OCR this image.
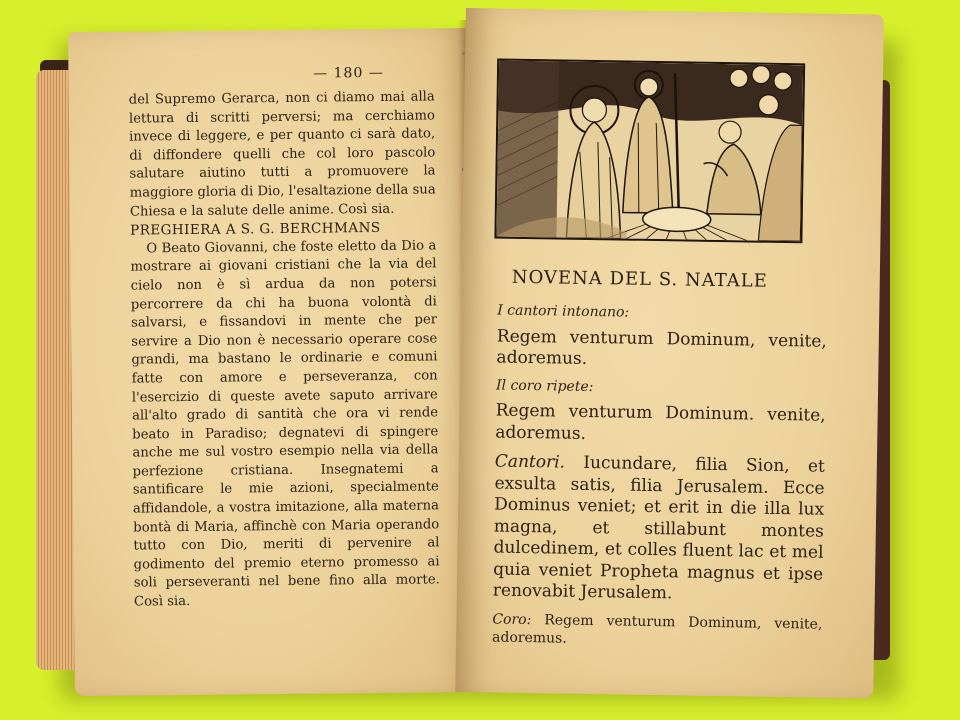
— 180 —

del Supremo Gerarca, non ci diamo mai alla lettura di scritti perversi; ma cerchiamo invece di leggere, e per quanto ci sarà dato, di diffondere quelli che col loro pascolo salutare aiutino tutti a promuovere la maggiore gloria di Dio, l'esaltazione della sua Chiesa e la salute delle anime. Così sia.

PREGHIERA A S. G. BERCHMANS

O Beato Giovanni, che foste eletto da Dio a mostrare ai giovani cristiani che la via del cielo non è sì ardua da non potersi percorrere da chi ha buona volontà di salvarsi, e fissandovi in mente che per servire a Dio non è necessario operare cose grandi, ma bastano le ordinarie e comuni fatte con amore e perseveranza, con l'esercizio di queste avete saputo arrivare all'alto grado di santità che ora vi rende beato in Paradiso; degnatevi di spingere anche me sul vostro esempio nella via della perfezione cristiana. Insegnatemi a santificare le mie azioni, specialmente affidandole, a vostra imitazione, alla materna bontà di Maria, affinchè con Maria operando tutto con Dio, meriti di pervenire al godimento del premio eterno promesso ai soli perseveranti nel bene fino alla morte. Così sia.

NOVENA DEL S. NATALE

I cantori intonano:

Regem venturum Dominum, venite, adoremus.

Il coro ripete:

Regem venturum Dominum. venite, adoremus.

Cantori. Iucundare, filia Sion, et exsulta satis, filia Jerusalem. Ecce Dominus veniet; et erit in die illa lux magna, et stillabunt montes dulcedinem, et colles fluent lac et mel quia veniet Propheta magnus et ipse renovabit Jerusalem.

Coro: Regem venturum Dominum, venite, adoremus.
